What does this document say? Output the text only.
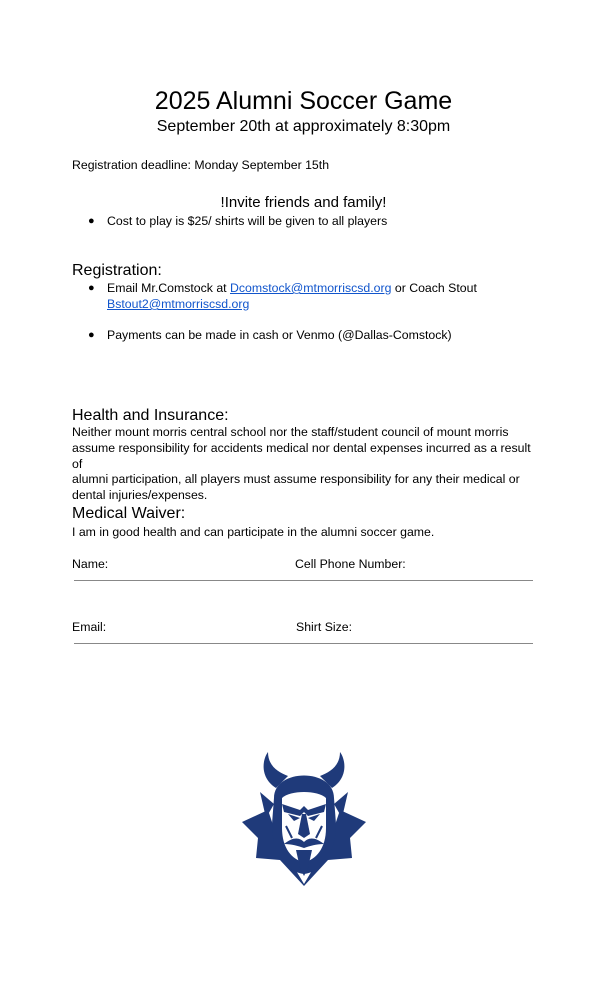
2025 Alumni Soccer Game
September 20th at approximately 8:30pm
Registration deadline: Monday September 15th
!Invite friends and family!
● Cost to play is $25/ shirts will be given to all players
Registration:
● Email Mr.Comstock at Dcomstock@mtmorriscsd.org or Coach Stout
Bstout2@mtmorriscsd.org
● Payments can be made in cash or Venmo (@Dallas-Comstock)
Health and Insurance:
Neither mount morris central school nor the staff/student council of mount morris
assume responsibility for accidents medical nor dental expenses incurred as a result of
alumni participation, all players must assume responsibility for any their medical or
dental injuries/expenses.
Medical Waiver:
I am in good health and can participate in the alumni soccer game.
Name:	Cell Phone Number:
Email:	Shirt Size:
